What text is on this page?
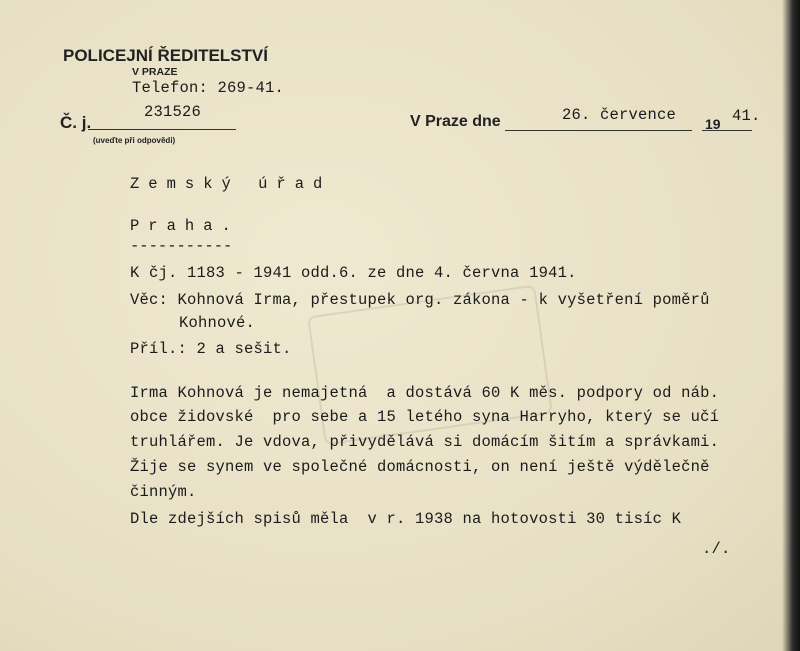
POLICEJNÍ ŘEDITELSTVÍ
V PRAZE
Telefon: 269-41.
Č. j.
231526
(uveďte při odpovědi)
V Praze dne	26. července 19 41.
Zemský úřad
Praha.
-----------
K čj. 1183 - 1941 odd.6. ze dne 4. června 1941.
Věc: Kohnová Irma, přestupek org. zákona - k vyšetření poměrů
Kohnové.
Příl.: 2 a sešit.
Irma Kohnová je nemajetná  a dostává 60 K měs. podpory od náb.
obce židovské  pro sebe a 15 letého syna Harryho, který se učí
truhlářem. Je vdova, přivydělává si domácím šitím a správkami.
Žije se synem ve společné domácnosti, on není ještě výdělečně
činným.
Dle zdejších spisů měla  v r. 1938 na hotovosti 30 tisíc K
./.
